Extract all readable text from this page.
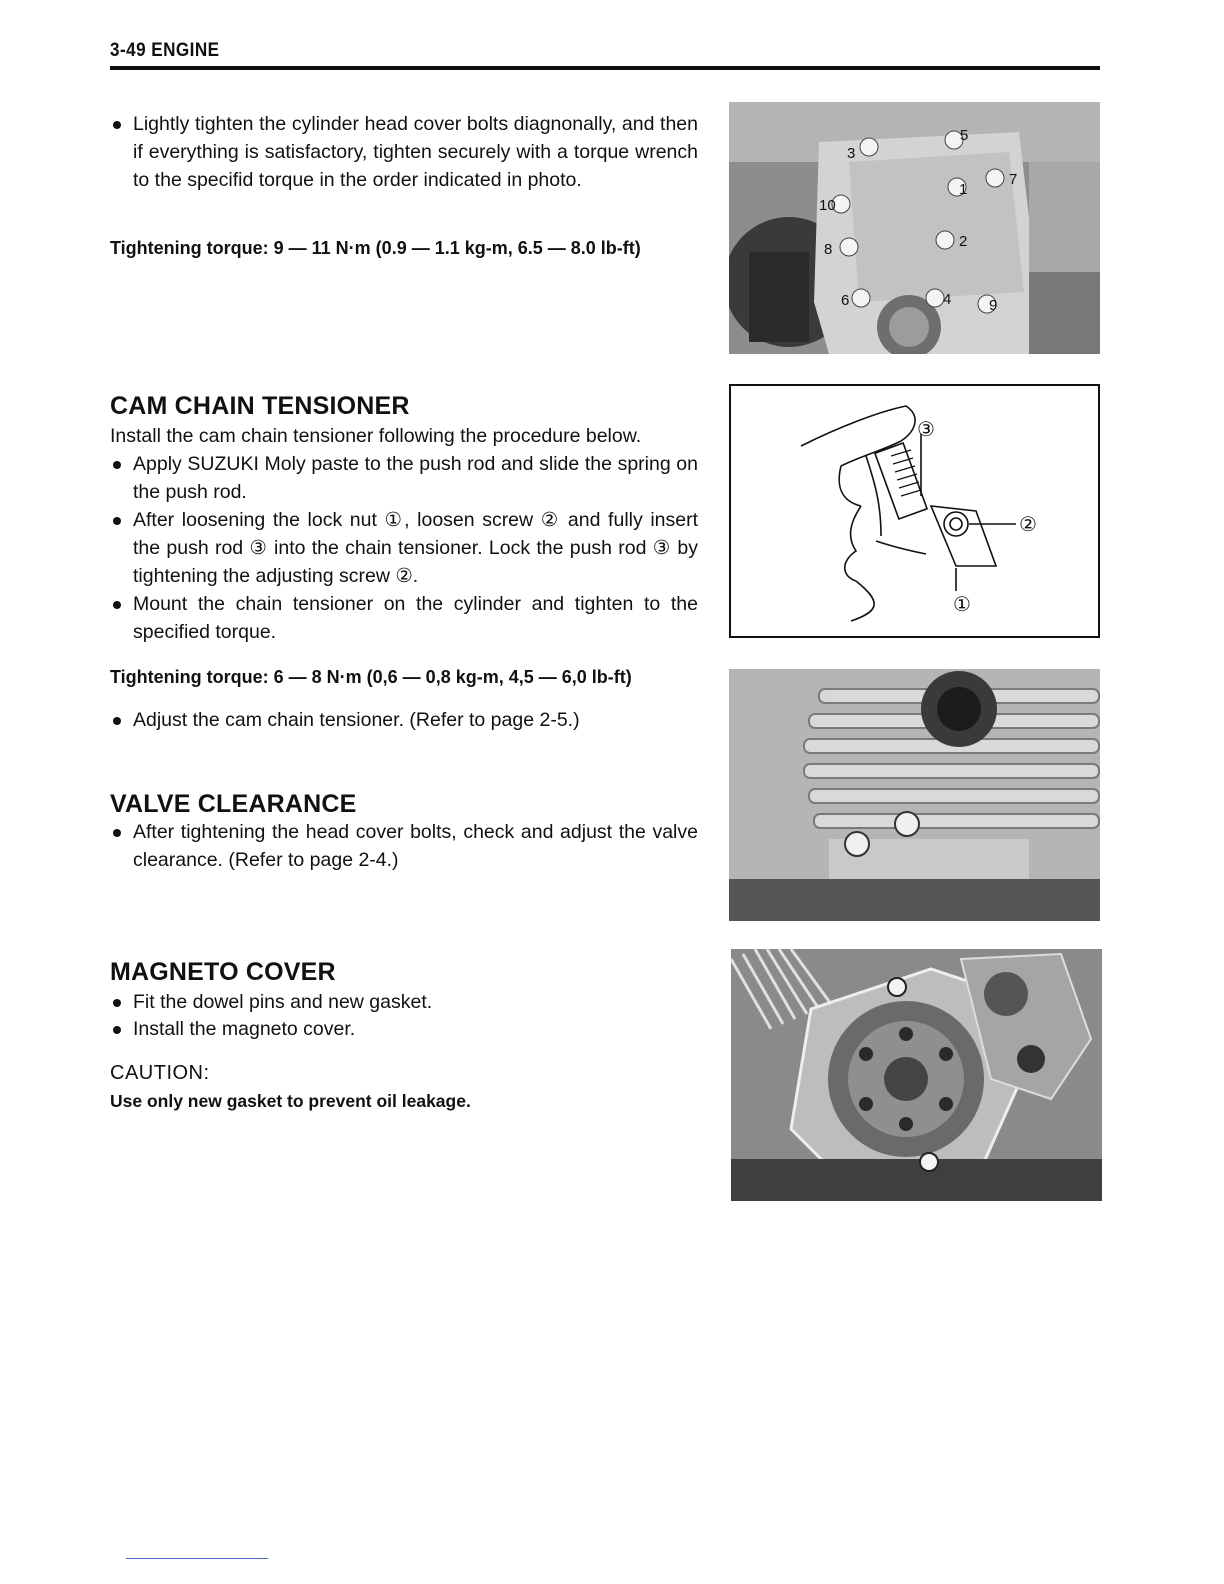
3-49 ENGINE
Lightly tighten the cylinder head cover bolts diagnonally, and then if everything is satisfactory, tighten securely with a torque wrench to the specifid torque in the order indicated in photo.
Tightening torque: 9 — 11 N·m (0.9 — 1.1 kg-m, 6.5 — 8.0 lb-ft)
5
3
1
7
10
2
8
6	4	9
CAM CHAIN TENSIONER
Install the cam chain tensioner following the procedure below.
Apply SUZUKI Moly paste to the push rod and slide the spring on the push rod.
After loosening the lock nut ①, loosen screw ② and fully insert the push rod ③ into the chain tensioner. Lock the push rod ③ by tightening the adjusting screw ②.
Mount the chain tensioner on the cylinder and tighten to the specified torque.
Tightening torque: 6 — 8 N·m (0,6 — 0,8 kg-m, 4,5 — 6,0 lb-ft)
Adjust the cam chain tensioner. (Refer to page 2-5.)
③
②
①
VALVE CLEARANCE
After tightening the head cover bolts, check and adjust the valve clearance. (Refer to page 2-4.)
MAGNETO COVER
Fit the dowel pins and new gasket.
Install the magneto cover.
CAUTION:
Use only new gasket to prevent oil leakage.
